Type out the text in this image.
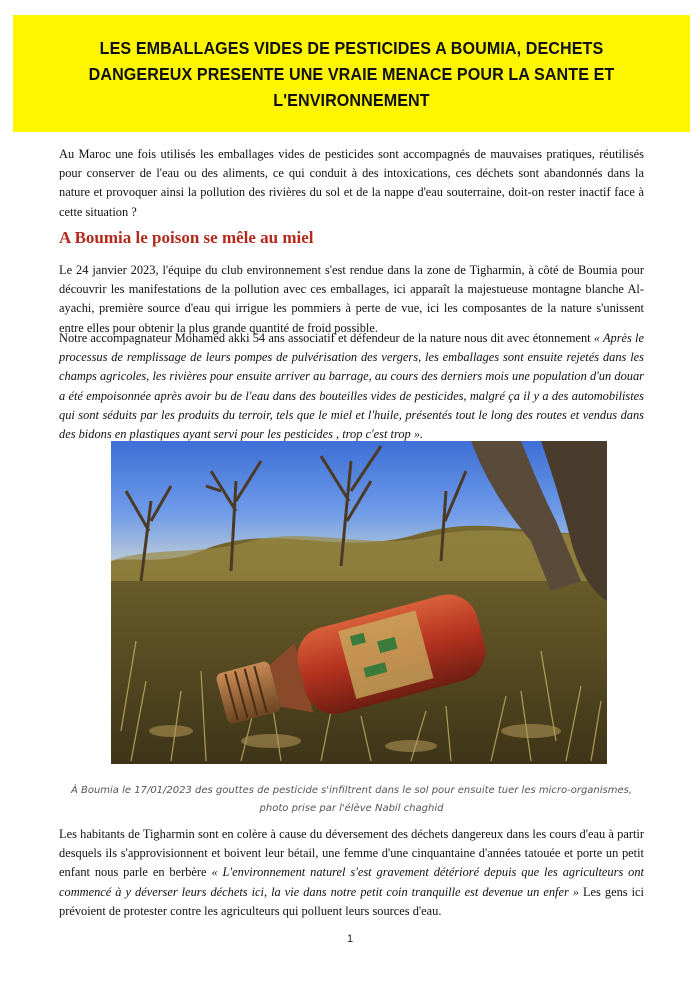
LES EMBALLAGES VIDES DE PESTICIDES A BOUMIA, DECHETS DANGEREUX PRESENTE UNE VRAIE MENACE POUR LA SANTE ET L'ENVIRONNEMENT

Au Maroc une fois utilisés les emballages vides de pesticides sont accompagnés de mauvaises pratiques, réutilisés pour conserver de l'eau ou des aliments, ce qui conduit à des intoxications, ces déchets sont abandonnés dans la nature et provoquer ainsi la pollution des rivières du sol et de la nappe d'eau souterraine, doit-on rester inactif face à cette situation ?

A Boumia le poison se mêle au miel

Le 24 janvier 2023, l'équipe du club environnement s'est rendue dans la zone de Tigharmin, à côté de Boumia pour découvrir les manifestations de la pollution avec ces emballages, ici apparaît la majestueuse montagne blanche Al-ayachi, première source d'eau qui irrigue les pommiers à perte de vue, ici les composantes de la nature s'unissent entre elles pour obtenir la plus grande quantité de froid possible.

Notre accompagnateur Mohamed akki 54 ans associatif et défendeur de la nature nous dit avec étonnement « Après le processus de remplissage de leurs pompes de pulvérisation des vergers, les emballages sont ensuite rejetés dans les champs agricoles, les rivières pour ensuite arriver au barrage, au cours des derniers mois une population d'un douar a été empoisonnée après avoir bu de l'eau dans des bouteilles vides de pesticides, malgré ça il y a des automobilistes qui sont séduits par les produits du terroir, tels que le miel et l'huile, présentés tout le long des routes et vendus dans des bidons en plastiques ayant servi pour les pesticides , trop c'est trop ».

À Boumia le 17/01/2023 des gouttes de pesticide s'infiltrent dans le sol pour ensuite tuer les micro-organismes, photo prise par l'élève Nabil chaghid

Les habitants de Tigharmin sont en colère à cause du déversement des déchets dangereux dans les cours d'eau à partir desquels ils s'approvisionnent et boivent leur bétail, une femme d'une cinquantaine d'années tatouée et porte un petit enfant nous parle en berbère « L'environnement naturel s'est gravement détérioré depuis que les agriculteurs ont commencé à y déverser leurs déchets ici, la vie dans notre petit coin tranquille est devenue un enfer » Les gens ici prévoient de protester contre les agriculteurs qui polluent leurs sources d'eau.

1
